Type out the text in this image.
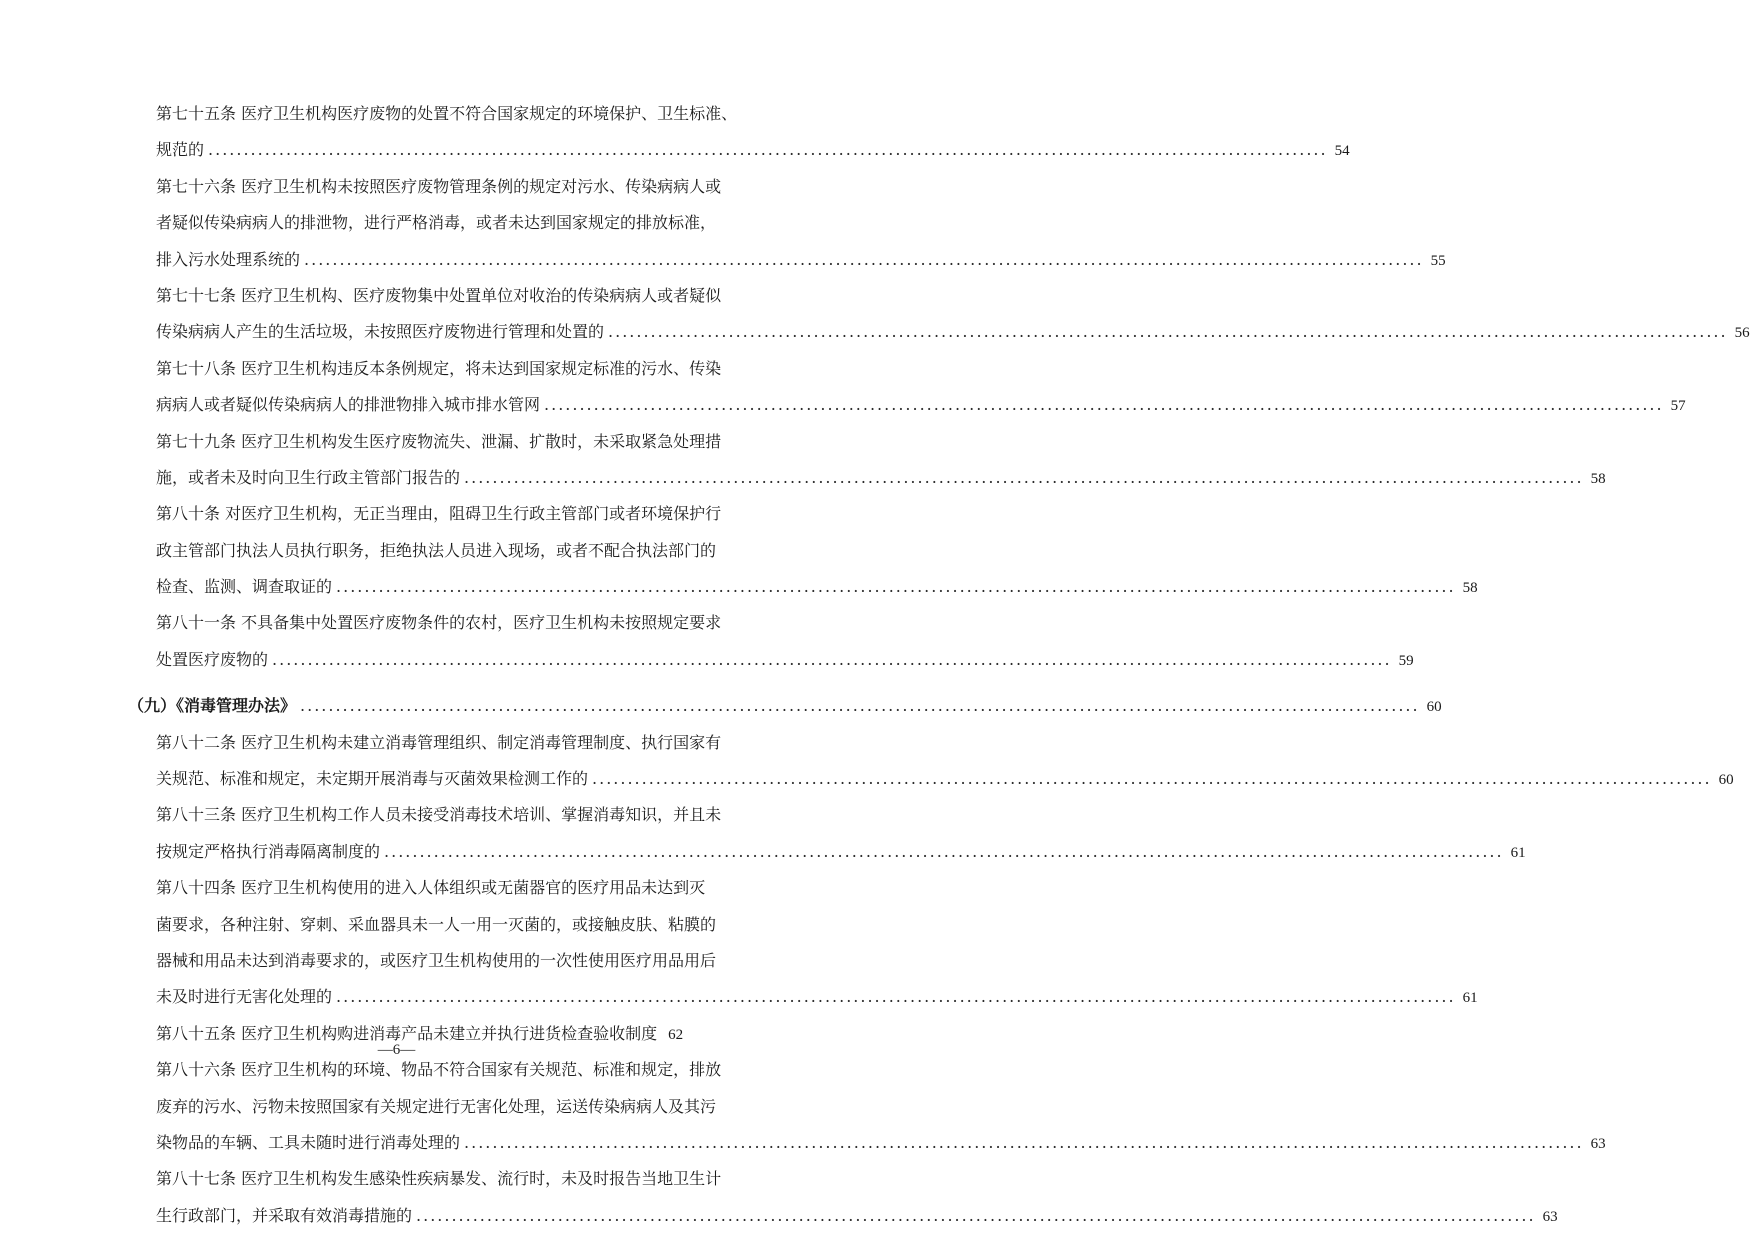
第七十五条 医疗卫生机构医疗废物的处置不符合国家规定的环境保护、卫生标准、
规范的 .............................................................................................................................................................. 54
第七十六条 医疗卫生机构未按照医疗废物管理条例的规定对污水、传染病病人或
者疑似传染病病人的排泄物，进行严格消毒，或者未达到国家规定的排放标准，
排入污水处理系统的 .............................................................................................................................................................. 55
第七十七条 医疗卫生机构、医疗废物集中处置单位对收治的传染病病人或者疑似
传染病病人产生的生活垃圾，未按照医疗废物进行管理和处置的 .............................................................................................................................................................. 56
第七十八条 医疗卫生机构违反本条例规定，将未达到国家规定标准的污水、传染
病病人或者疑似传染病病人的排泄物排入城市排水管网 .............................................................................................................................................................. 57
第七十九条 医疗卫生机构发生医疗废物流失、泄漏、扩散时，未采取紧急处理措
施，或者未及时向卫生行政主管部门报告的 .............................................................................................................................................................. 58
第八十条 对医疗卫生机构，无正当理由，阻碍卫生行政主管部门或者环境保护行
政主管部门执法人员执行职务，拒绝执法人员进入现场，或者不配合执法部门的
检查、监测、调查取证的 .............................................................................................................................................................. 58
第八十一条 不具备集中处置医疗废物条件的农村，医疗卫生机构未按照规定要求
处置医疗废物的 .............................................................................................................................................................. 59
（九）《消毒管理办法》 .............................................................................................................................................................. 60
第八十二条 医疗卫生机构未建立消毒管理组织、制定消毒管理制度、执行国家有
关规范、标准和规定，未定期开展消毒与灭菌效果检测工作的 .............................................................................................................................................................. 60
第八十三条 医疗卫生机构工作人员未接受消毒技术培训、掌握消毒知识，并且未
按规定严格执行消毒隔离制度的 .............................................................................................................................................................. 61
第八十四条 医疗卫生机构使用的进入人体组织或无菌器官的医疗用品未达到灭
菌要求，各种注射、穿刺、采血器具未一人一用一灭菌的，或接触皮肤、粘膜的
器械和用品未达到消毒要求的，或医疗卫生机构使用的一次性使用医疗用品用后
未及时进行无害化处理的 .............................................................................................................................................................. 61
第八十五条 医疗卫生机构购进消毒产品未建立并执行进货检查验收制度 62
第八十六条 医疗卫生机构的环境、物品不符合国家有关规范、标准和规定，排放
废弃的污水、污物未按照国家有关规定进行无害化处理，运送传染病病人及其污
染物品的车辆、工具未随时进行消毒处理的 .............................................................................................................................................................. 63
第八十七条 医疗卫生机构发生感染性疾病暴发、流行时，未及时报告当地卫生计
生行政部门，并采取有效消毒措施的 .............................................................................................................................................................. 63
—6—
